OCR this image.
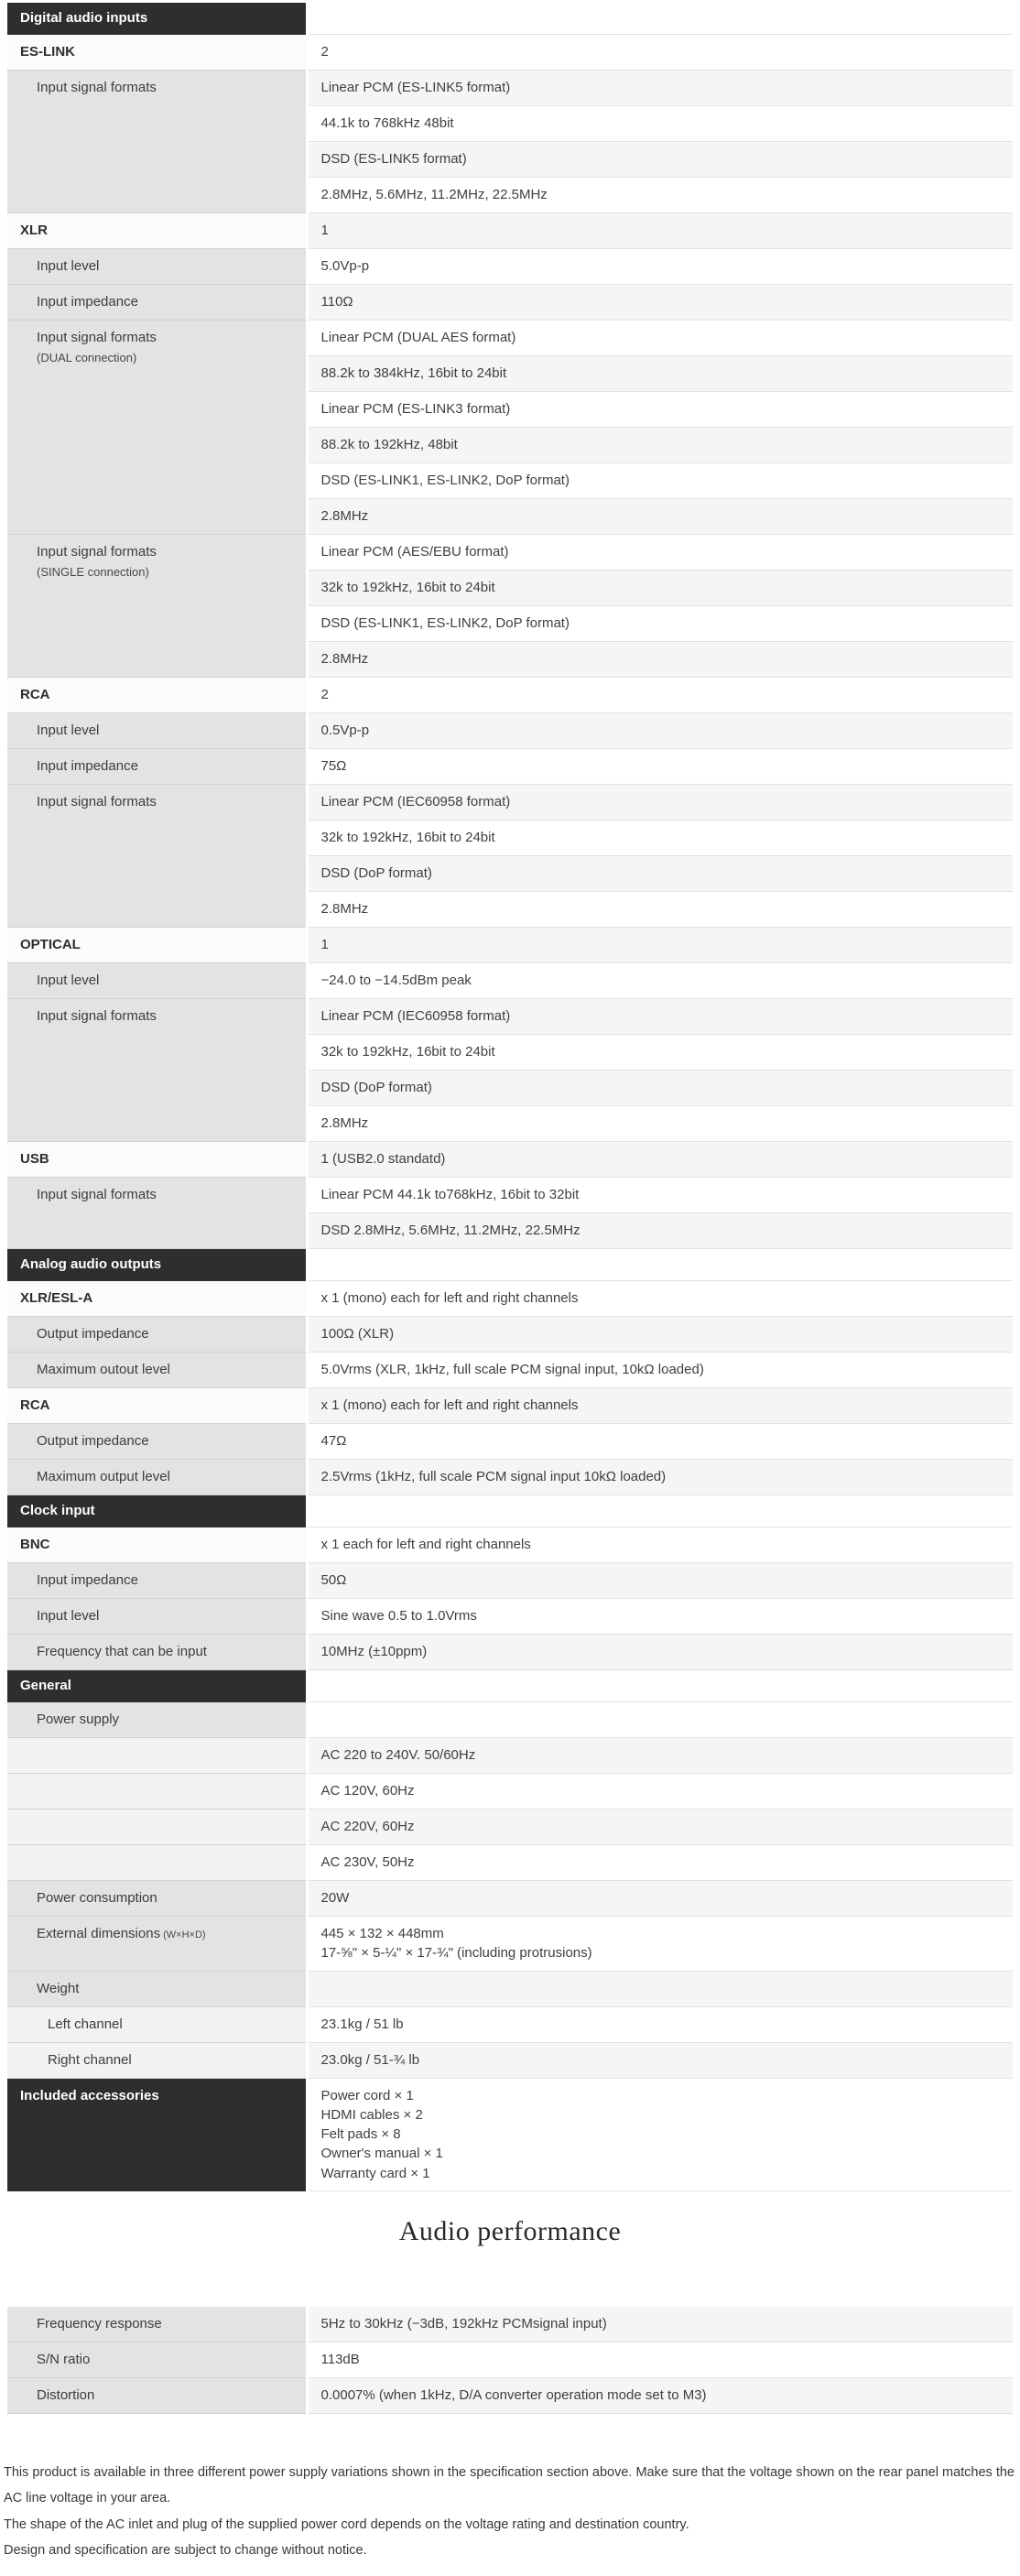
Digital audio inputs	
ES-LINK	2
Input signal formats	Linear PCM (ES-LINK5 format)
	44.1k to 768kHz 48bit
	DSD (ES-LINK5 format)
	2.8MHz, 5.6MHz, 11.2MHz, 22.5MHz
XLR	1
Input level	5.0Vp-p
Input impedance	110Ω
Input signal formats
(DUAL connection)	Linear PCM (DUAL AES format)
	88.2k to 384kHz, 16bit to 24bit
	Linear PCM (ES-LINK3 format)
	88.2k to 192kHz, 48bit
	DSD (ES-LINK1, ES-LINK2, DoP format)
	2.8MHz
Input signal formats
(SINGLE connection)	Linear PCM (AES/EBU format)
	32k to 192kHz, 16bit to 24bit
	DSD (ES-LINK1, ES-LINK2, DoP format)
	2.8MHz
RCA	2
Input level	0.5Vp-p
Input impedance	75Ω
Input signal formats	Linear PCM (IEC60958 format)
	32k to 192kHz, 16bit to 24bit
	DSD (DoP format)
	2.8MHz
OPTICAL	1
Input level	−24.0 to −14.5dBm peak
Input signal formats	Linear PCM (IEC60958 format)
	32k to 192kHz, 16bit to 24bit
	DSD (DoP format)
	2.8MHz
USB	1 (USB2.0 standatd)
Input signal formats	Linear PCM 44.1k to768kHz, 16bit to 32bit
	DSD 2.8MHz, 5.6MHz, 11.2MHz, 22.5MHz
Analog audio outputs	
XLR/ESL-A	x 1 (mono) each for left and right channels
Output impedance	100Ω (XLR)
Maximum outout level	5.0Vrms (XLR, 1kHz, full scale PCM signal input, 10kΩ loaded)
RCA	x 1 (mono) each for left and right channels
Output impedance	47Ω
Maximum output level	2.5Vrms (1kHz, full scale PCM signal input 10kΩ loaded)
Clock input	
BNC	x 1 each for left and right channels
Input impedance	50Ω
Input level	Sine wave 0.5 to 1.0Vrms
Frequency that can be input	10MHz (±10ppm)
General	
Power supply	
	AC 220 to 240V. 50/60Hz
	AC 120V, 60Hz
	AC 220V, 60Hz
	AC 230V, 50Hz
Power consumption	20W
External dimensions (W×H×D)	445 × 132 × 448mm
17-⅝" × 5-¼" × 17-¾" (including protrusions)
Weight	
Left channel	23.1kg / 51 lb
Right channel	23.0kg / 51-¾ lb
Included accessories	Power cord × 1
HDMI cables × 2
Felt pads × 8
Owner's manual × 1
Warranty card × 1
Audio performance
Frequency response	5Hz to 30kHz (−3dB, 192kHz PCMsignal input)
S/N ratio	113dB
Distortion	0.0007% (when 1kHz, D/A converter operation mode set to M3)

This product is available in three different power supply variations shown in the specification section above. Make sure that the voltage shown on the rear panel matches the AC line voltage in your area.

The shape of the AC inlet and plug of the supplied power cord depends on the voltage rating and destination country.

Design and specification are subject to change without notice.
